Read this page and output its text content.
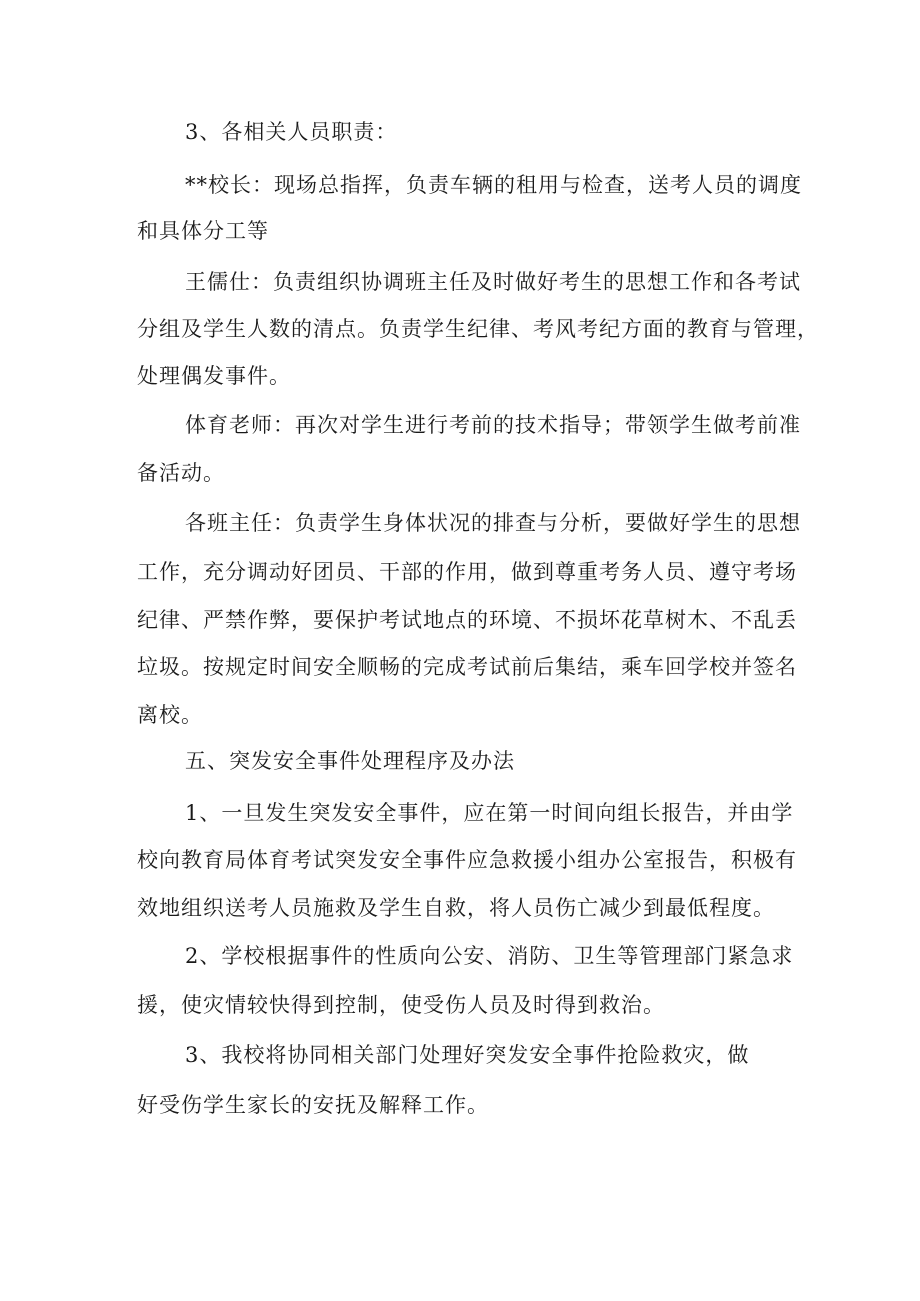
3、各相关人员职责：
**校长：现场总指挥，负责车辆的租用与检查，送考人员的调度
和具体分工等
王儒仕：负责组织协调班主任及时做好考生的思想工作和各考试
分组及学生人数的清点。负责学生纪律、考风考纪方面的教育与管理，
处理偶发事件。
体育老师：再次对学生进行考前的技术指导；带领学生做考前准
备活动。
各班主任：负责学生身体状况的排查与分析，要做好学生的思想
工作，充分调动好团员、干部的作用，做到尊重考务人员、遵守考场
纪律、严禁作弊，要保护考试地点的环境、不损坏花草树木、不乱丢
垃圾。按规定时间安全顺畅的完成考试前后集结，乘车回学校并签名
离校。
五、突发安全事件处理程序及办法
1、一旦发生突发安全事件，应在第一时间向组长报告，并由学
校向教育局体育考试突发安全事件应急救援小组办公室报告，积极有
效地组织送考人员施救及学生自救，将人员伤亡减少到最低程度。
2、学校根据事件的性质向公安、消防、卫生等管理部门紧急求
援，使灾情较快得到控制，使受伤人员及时得到救治。
3、我校将协同相关部门处理好突发安全事件抢险救灾，做
好受伤学生家长的安抚及解释工作。
